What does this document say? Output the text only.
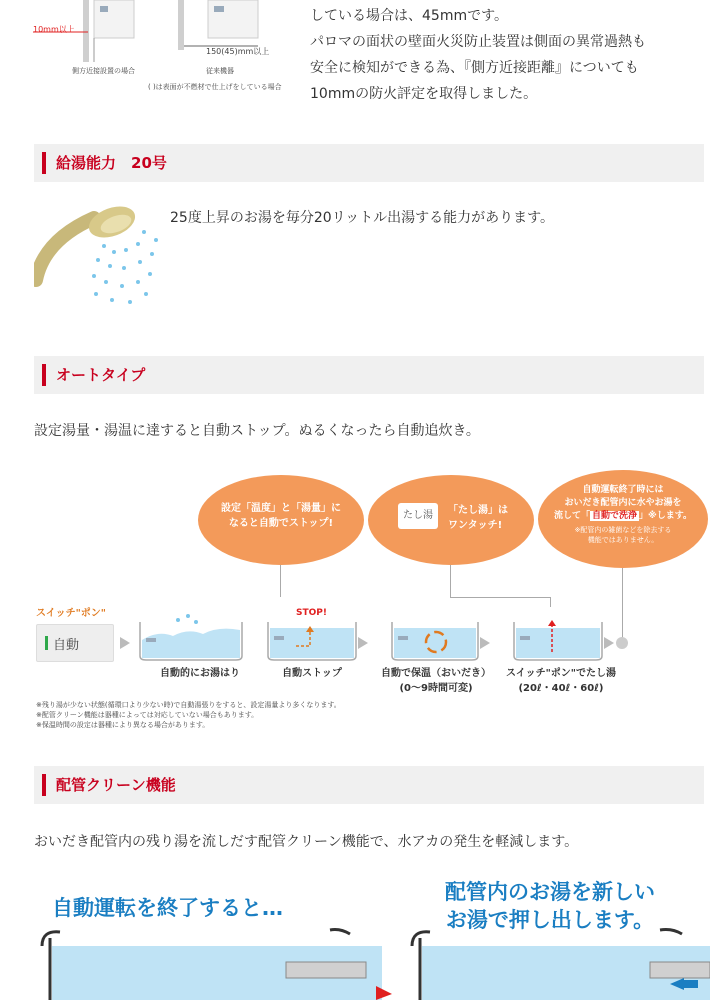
10mm以上
150(45)mm以上
側方近接設置の場合	従来機器
( )は表面が不燃材で仕上げをしている場合
している場合は、45mmです。
パロマの面状の壁面火災防止装置は側面の異常過熱も
安全に検知ができる為、『側方近接距離』についても
10mmの防火評定を取得しました。
給湯能力　20号
25度上昇のお湯を毎分20リットル出湯する能力があります。
オートタイプ
設定湯量・湯温に達すると自動ストップ。ぬるくなったら自動追炊き。
設定「温度」と「湯量」に
なると自動でストップ!
たし湯	「たし湯」は
ワンタッチ!
自動運転終了時には
おいだき配管内に水やお湯を
流して「 自動で洗浄 」※します。
※配管内の雑菌などを除去する
機能ではありません。
スイッチ"ポン"
自動
STOP!
自動的にお湯はり	自動ストップ	自動で保温（おいだき）
(0〜9時間可変)
スイッチ"ポン"でたし湯
(20ℓ・40ℓ・60ℓ)
※残り湯が少ない状態(循環口より少ない時)で自動湯張りをすると、設定湯量より多くなります。
※配管クリーン機能は器種によっては対応していない場合もあります。
※保温時間の設定は器種により異なる場合があります。
配管クリーン機能
おいだき配管内の残り湯を流しだす配管クリーン機能で、水アカの発生を軽減します。
自動運転を終了すると…
配管内のお湯を新しい
お湯で押し出します。
